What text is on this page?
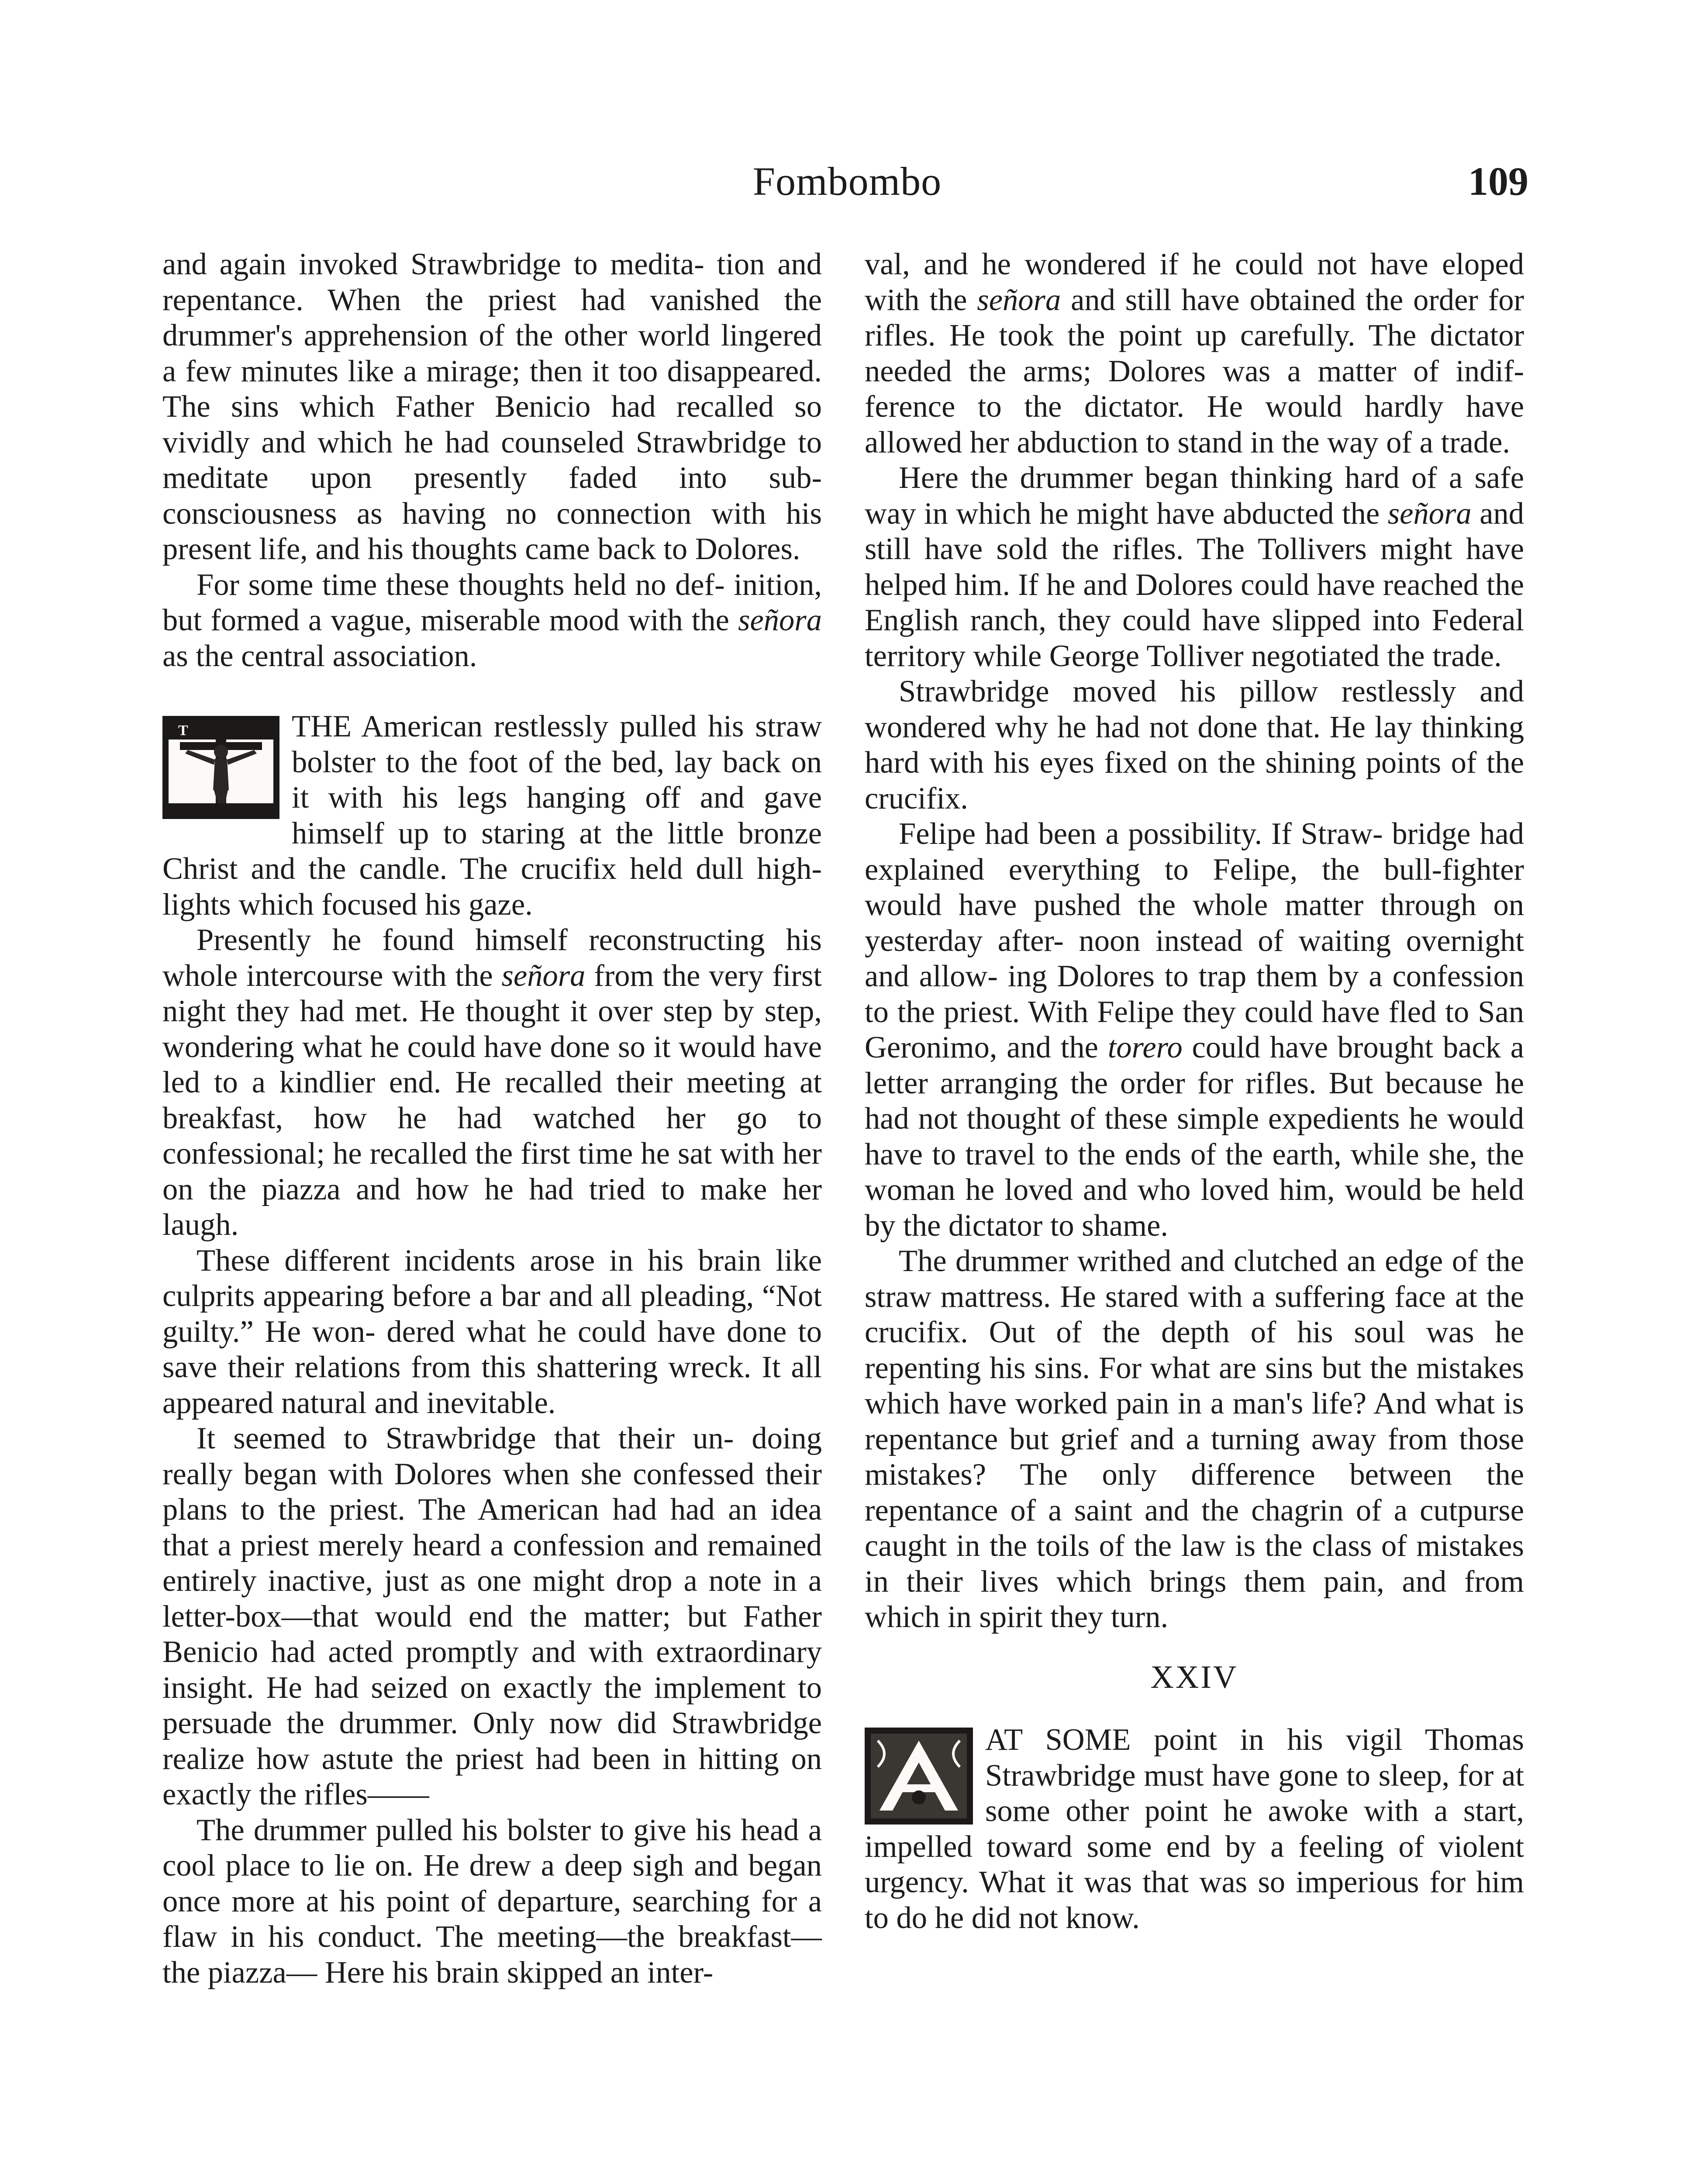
Fombombo	109

and again invoked Strawbridge to medita- tion and repentance. When the priest had vanished the drummer's apprehension of the other world lingered a few minutes like a mirage; then it too disappeared. The sins which Father Benicio had recalled so vividly and which he had counseled Strawbridge to meditate upon presently faded into sub- consciousness as having no connection with his present life, and his thoughts came back to Dolores.

For some time these thoughts held no def- inition, but formed a vague, miserable mood with the señora as the central association.

T	THE American restlessly pulled his straw bolster to the foot of the bed, lay back on it with his legs hanging off and gave himself up to staring at the little bronze Christ and the candle. The crucifix held dull high-lights which focused his gaze.

Presently he found himself reconstructing his whole intercourse with the señora from the very first night they had met. He thought it over step by step, wondering what he could have done so it would have led to a kindlier end. He recalled their meeting at breakfast, how he had watched her go to confessional; he recalled the first time he sat with her on the piazza and how he had tried to make her laugh.

These different incidents arose in his brain like culprits appearing before a bar and all pleading, “Not guilty.” He won- dered what he could have done to save their relations from this shattering wreck. It all appeared natural and inevitable.

It seemed to Strawbridge that their un- doing really began with Dolores when she confessed their plans to the priest. The American had had an idea that a priest merely heard a confession and remained entirely inactive, just as one might drop a note in a letter-box—that would end the matter; but Father Benicio had acted promptly and with extraordinary insight. He had seized on exactly the implement to persuade the drummer. Only now did Strawbridge realize how astute the priest had been in hitting on exactly the rifles——

The drummer pulled his bolster to give his head a cool place to lie on. He drew a deep sigh and began once more at his point of departure, searching for a flaw in his conduct. The meeting—the breakfast—the piazza— Here his brain skipped an inter-

val, and he wondered if he could not have eloped with the señora and still have obtained the order for rifles. He took the point up carefully. The dictator needed the arms; Dolores was a matter of indif- ference to the dictator. He would hardly have allowed her abduction to stand in the way of a trade.

Here the drummer began thinking hard of a safe way in which he might have abducted the señora and still have sold the rifles. The Tollivers might have helped him. If he and Dolores could have reached the English ranch, they could have slipped into Federal territory while George Tolliver negotiated the trade.

Strawbridge moved his pillow restlessly and wondered why he had not done that. He lay thinking hard with his eyes fixed on the shining points of the crucifix.

Felipe had been a possibility. If Straw- bridge had explained everything to Felipe, the bull-fighter would have pushed the whole matter through on yesterday after- noon instead of waiting overnight and allow- ing Dolores to trap them by a confession to the priest. With Felipe they could have fled to San Geronimo, and the torero could have brought back a letter arranging the order for rifles. But because he had not thought of these simple expedients he would have to travel to the ends of the earth, while she, the woman he loved and who loved him, would be held by the dictator to shame.

The drummer writhed and clutched an edge of the straw mattress. He stared with a suffering face at the crucifix. Out of the depth of his soul was he repenting his sins. For what are sins but the mistakes which have worked pain in a man's life? And what is repentance but grief and a turning away from those mistakes? The only difference between the repentance of a saint and the chagrin of a cutpurse caught in the toils of the law is the class of mistakes in their lives which brings them pain, and from which in spirit they turn.

XXIV

AT SOME point in his vigil Thomas Strawbridge must have gone to sleep, for at some other point he awoke with a start, impelled toward some end by a feeling of violent urgency. What it was that was so imperious for him to do he did not know.
